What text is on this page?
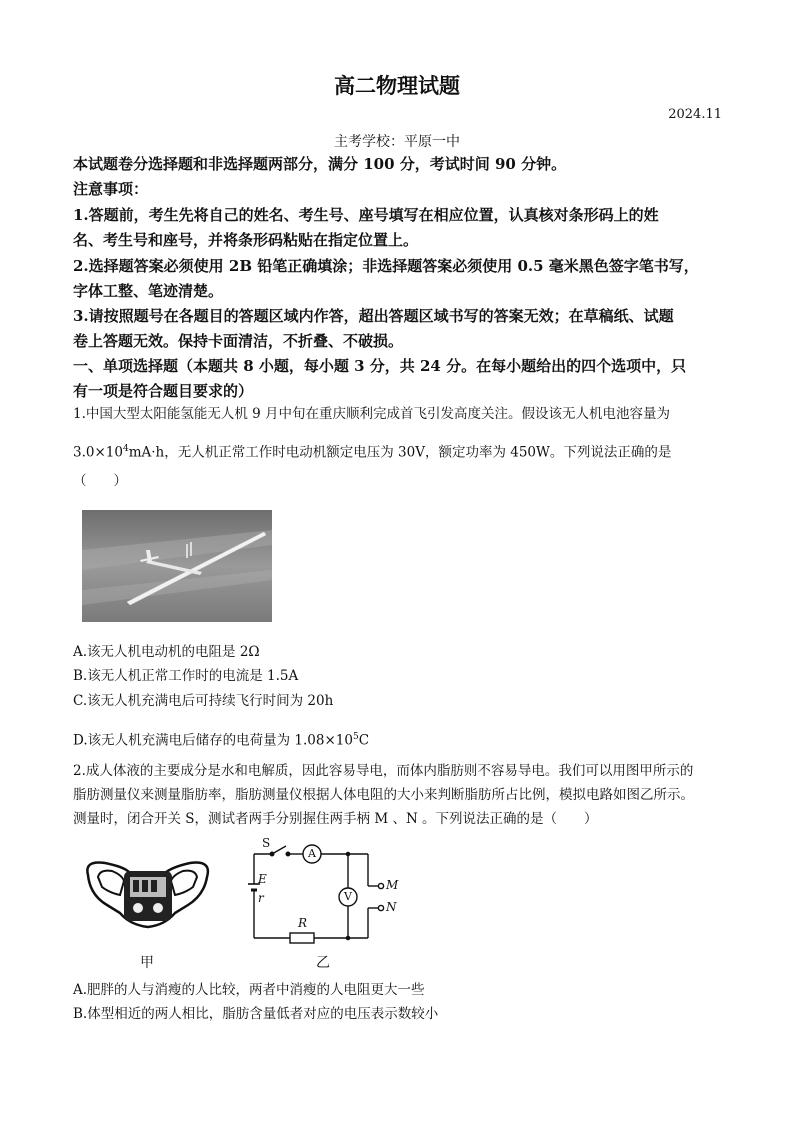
高二物理试题
2024.11
主考学校：平原一中
本试题卷分选择题和非选择题两部分，满分 100 分，考试时间 90 分钟。
注意事项：
1.答题前，考生先将自己的姓名、考生号、座号填写在相应位置，认真核对条形码上的姓
名、考生号和座号，并将条形码粘贴在指定位置上。
2.选择题答案必须使用 2B 铅笔正确填涂；非选择题答案必须使用 0.5 毫米黑色签字笔书写，
字体工整、笔迹清楚。
3.请按照题号在各题目的答题区域内作答，超出答题区域书写的答案无效；在草稿纸、试题
卷上答题无效。保持卡面清洁，不折叠、不破损。
一、单项选择题（本题共 8 小题，每小题 3 分，共 24 分。在每小题给出的四个选项中，只
有一项是符合题目要求的）
1.中国大型太阳能氢能无人机 9 月中旬在重庆顺利完成首飞引发高度关注。假设该无人机电池容量为
$3.0\times 10^4mA\cdot h$，无人机正常工作时电动机额定电压为 30V，额定功率为 450W。下列说法正确的是
（　　）
A.该无人机电动机的电阻是 2Ω
B.该无人机正常工作时的电流是 1.5A
C.该无人机充满电后可持续飞行时间为 20h
D.该无人机充满电后储存的电荷量为 $1.08\times 10^5C$
2.成人体液的主要成分是水和电解质，因此容易导电，而体内脂肪则不容易导电。我们可以用图甲所示的
脂肪测量仪来测量脂肪率，脂肪测量仪根据人体电阻的大小来判断脂肪所占比例，模拟电路如图乙所示。
测量时，闭合开关 S，测试者两手分别握住两手柄 M 、N 。下列说法正确的是（　　）
甲
S
A
V
E
r
R
M
N
乙
A.肥胖的人与消瘦的人比较，两者中消瘦的人电阻更大一些
B.体型相近的两人相比，脂肪含量低者对应的电压表示数较小
